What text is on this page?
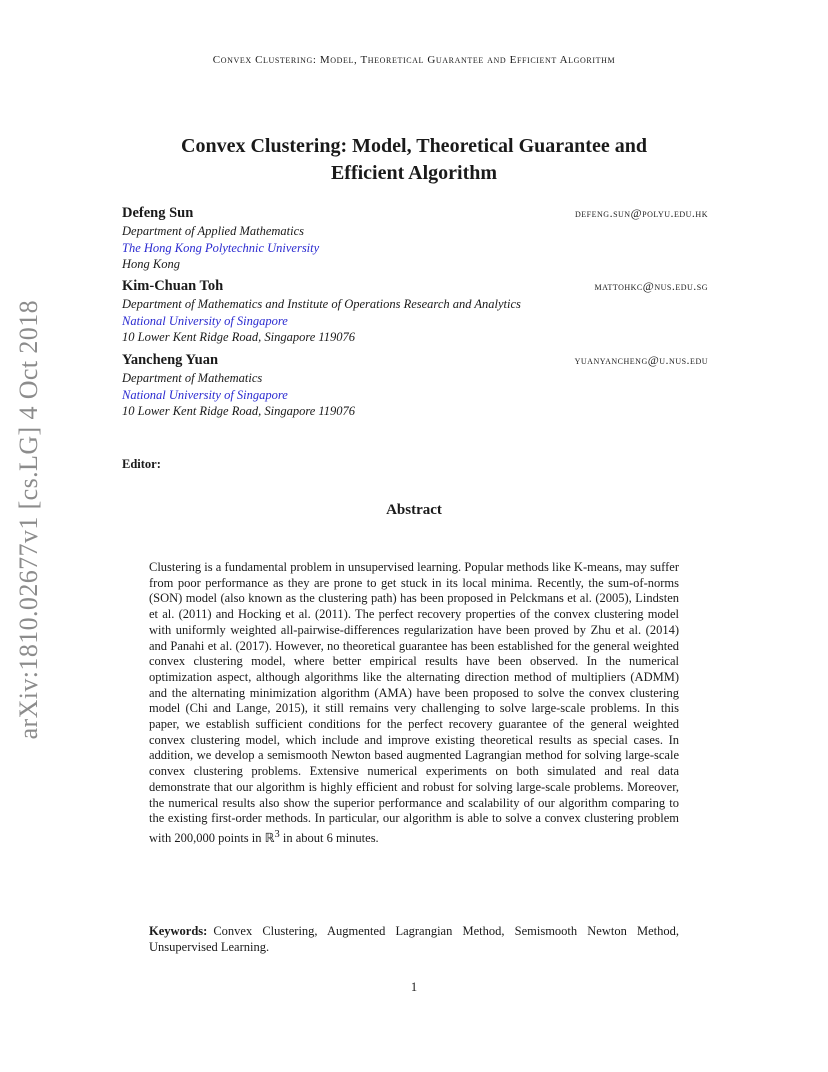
Convex Clustering: Model, Theoretical Guarantee and Efficient Algorithm
arXiv:1810.02677v1 [cs.LG] 4 Oct 2018
Convex Clustering: Model, Theoretical Guarantee and
Efficient Algorithm
Defeng Sun	defeng.sun@polyu.edu.hk
Department of Applied Mathematics
The Hong Kong Polytechnic University
Hong Kong
Kim-Chuan Toh	mattohkc@nus.edu.sg
Department of Mathematics and Institute of Operations Research and Analytics
National University of Singapore
10 Lower Kent Ridge Road, Singapore 119076
Yancheng Yuan	yuanyancheng@u.nus.edu
Department of Mathematics
National University of Singapore
10 Lower Kent Ridge Road, Singapore 119076
Editor:
Abstract
Clustering is a fundamental problem in unsupervised learning. Popular methods like K-means, may suffer from poor performance as they are prone to get stuck in its local minima. Recently, the sum-of-norms (SON) model (also known as the clustering path) has been proposed in Pelckmans et al. (2005), Lindsten et al. (2011) and Hocking et al. (2011). The perfect recovery properties of the convex clustering model with uniformly weighted all-pairwise-differences regularization have been proved by Zhu et al. (2014) and Panahi et al. (2017). However, no theoretical guarantee has been established for the general weighted convex clustering model, where better empirical results have been observed. In the numerical optimization aspect, although algorithms like the alternating direction method of multipliers (ADMM) and the alternating minimization algorithm (AMA) have been proposed to solve the convex clustering model (Chi and Lange, 2015), it still remains very challenging to solve large-scale problems. In this paper, we establish sufficient conditions for the perfect recovery guarantee of the general weighted convex clustering model, which include and improve existing theoretical results as special cases. In addition, we develop a semismooth Newton based augmented Lagrangian method for solving large-scale convex clustering problems. Extensive numerical experiments on both simulated and real data demonstrate that our algorithm is highly efficient and robust for solving large-scale problems. Moreover, the numerical results also show the superior performance and scalability of our algorithm comparing to the existing first-order methods. In particular, our algorithm is able to solve a convex clustering problem with 200,000 points in ℝ$^3$ in about 6 minutes.
Keywords: Convex Clustering, Augmented Lagrangian Method, Semismooth Newton Method, Unsupervised Learning.
1
